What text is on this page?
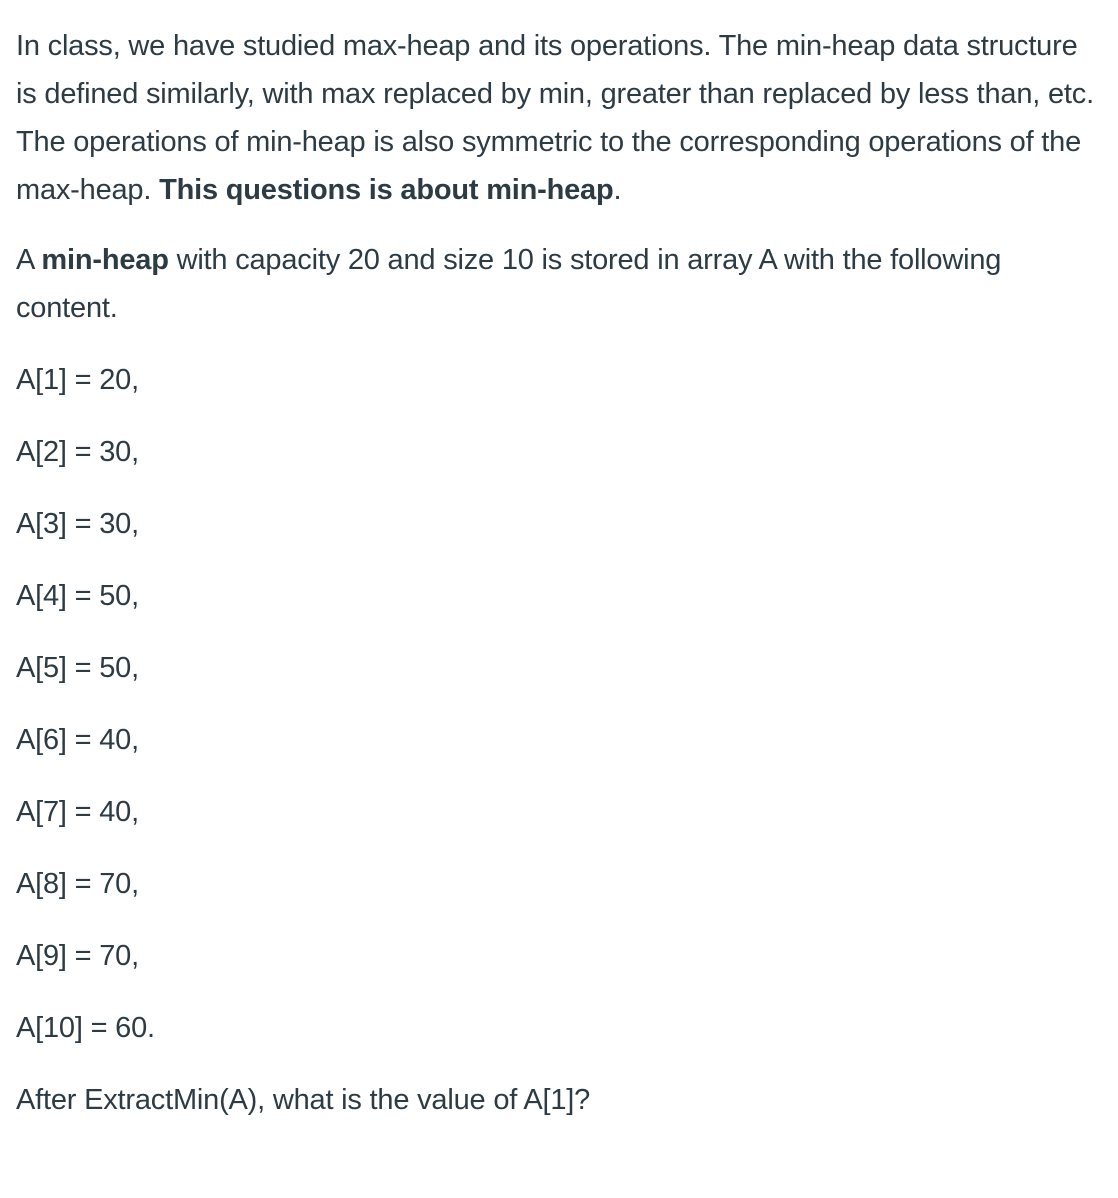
In class, we have studied max-heap and its operations. The min-heap data structure is defined similarly, with max replaced by min, greater than replaced by less than, etc. The operations of min-heap is also symmetric to the corresponding operations of the max-heap. This questions is about min-heap.

A min-heap with capacity 20 and size 10 is stored in array A with the following content.

A[1] = 20,

A[2] = 30,

A[3] = 30,

A[4] = 50,

A[5] = 50,

A[6] = 40,

A[7] = 40,

A[8] = 70,

A[9] = 70,

A[10] = 60.

After ExtractMin(A), what is the value of A[1]?
